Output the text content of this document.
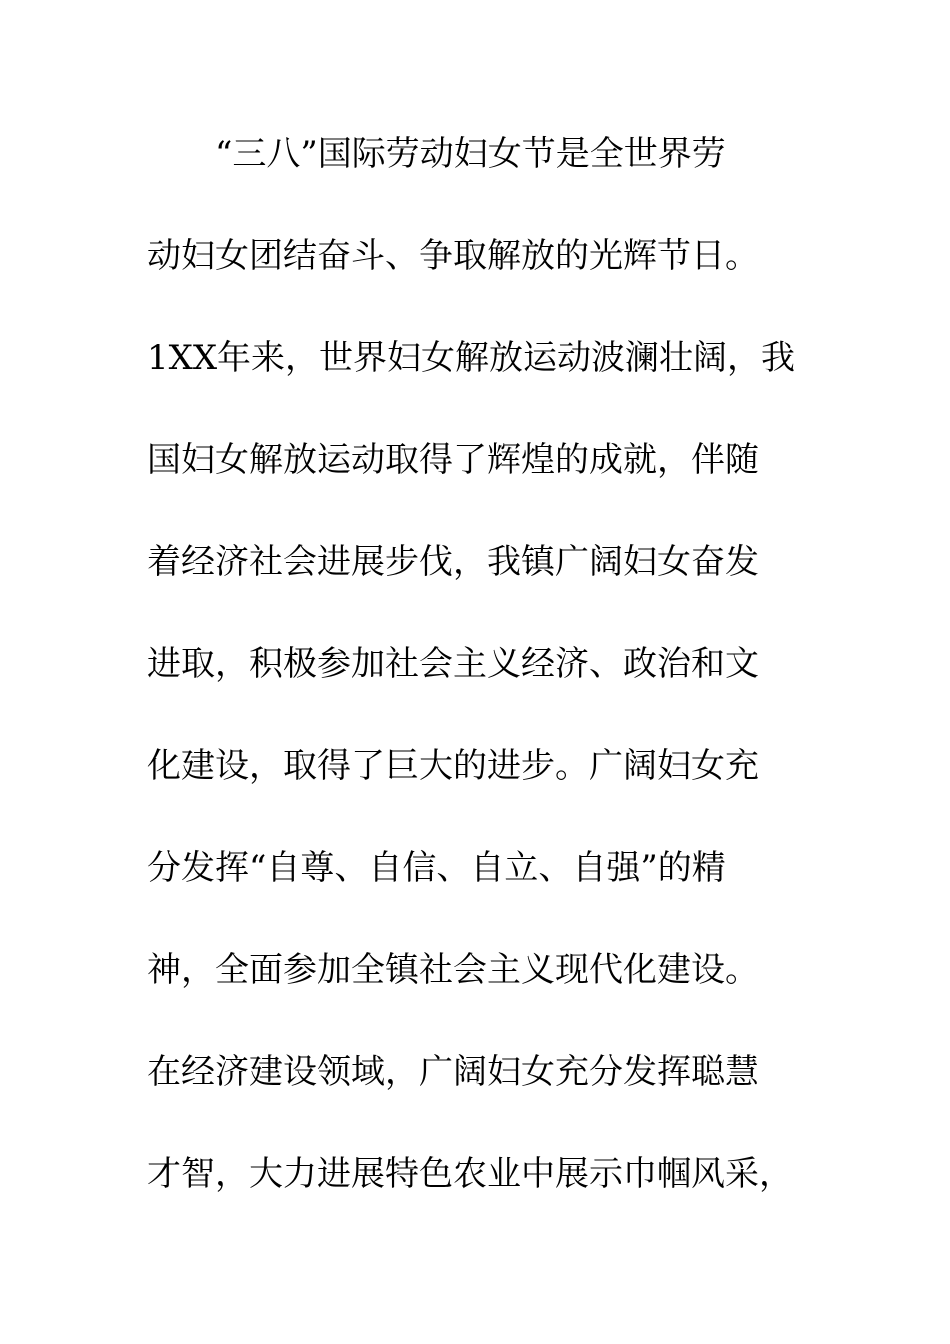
“三八”国际劳动妇女节是全世界劳
动妇女团结奋斗、争取解放的光辉节日。
1XX年来，世界妇女解放运动波澜壮阔，我
国妇女解放运动取得了辉煌的成就，伴随
着经济社会进展步伐，我镇广阔妇女奋发
进取，积极参加社会主义经济、政治和文
化建设，取得了巨大的进步。广阔妇女充
分发挥“自尊、自信、自立、自强”的精
神，全面参加全镇社会主义现代化建设。
在经济建设领域，广阔妇女充分发挥聪慧
才智，大力进展特色农业中展示巾帼风采，
